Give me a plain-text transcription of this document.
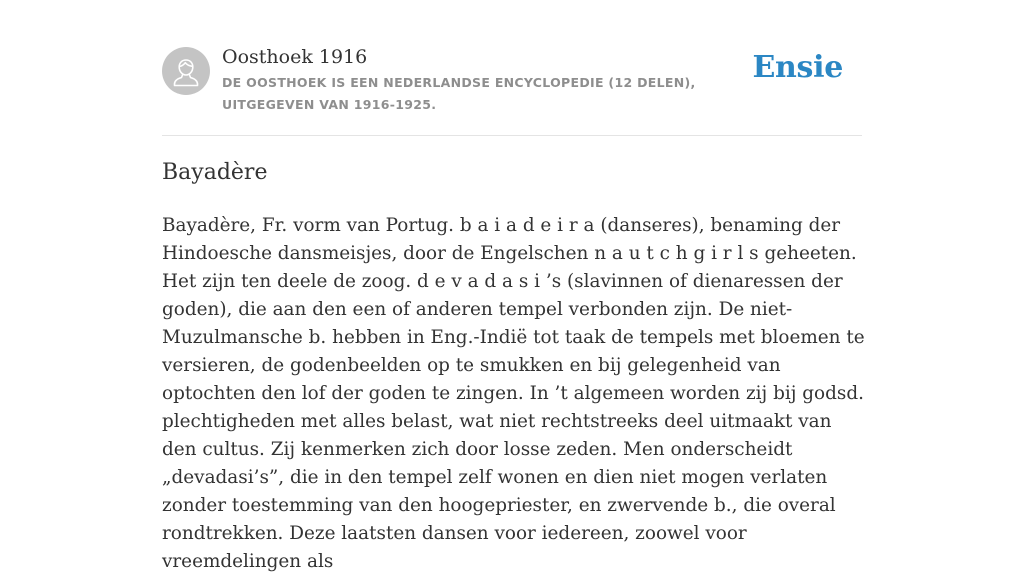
Oosthoek 1916
DE OOSTHOEK IS EEN NEDERLANDSE ENCYCLOPEDIE (12 DELEN), UITGEGEVEN VAN 1916-1925.
Ensie
Bayadère

Bayadère, Fr. vorm van Portug. b a i a d e i r a (danseres), benaming der Hindoesche dansmeisjes, door de Engelschen n a u t c h g i r l s geheeten. Het zijn ten deele de zoog. d e v a d a s i ’s (slavinnen of dienaressen der goden), die aan den een of anderen tempel verbonden zijn. De niet-Muzulmansche b. hebben in Eng.-Indië tot taak de tempels met bloemen te versieren, de godenbeelden op te smukken en bij gelegenheid van optochten den lof der goden te zingen. In ’t algemeen worden zij bij godsd. plechtigheden met alles belast, wat niet rechtstreeks deel uitmaakt van den cultus. Zij kenmerken zich door losse zeden. Men onderscheidt „devadasi’s”, die in den tempel zelf wonen en dien niet mogen verlaten zonder toestemming van den hoogepriester, en zwervende b., die overal rondtrekken. Deze laatsten dansen voor iedereen, zoowel voor vreemdelingen als
